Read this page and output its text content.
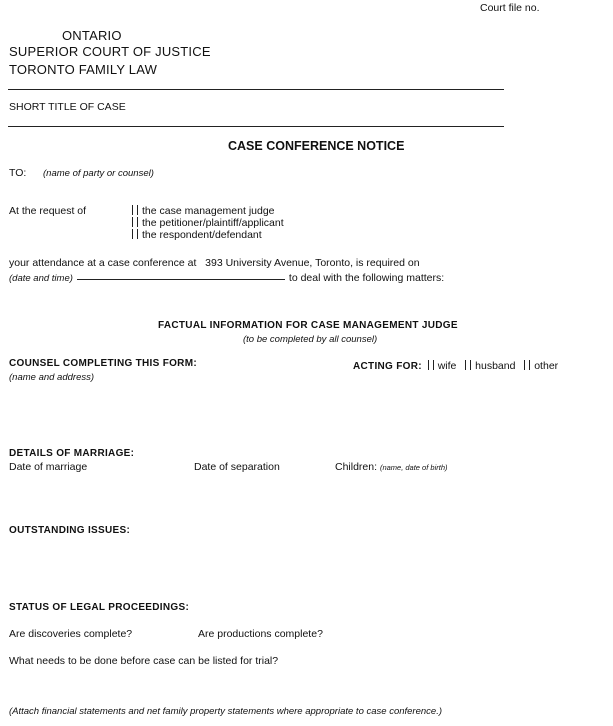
Court file no.
ONTARIO
SUPERIOR COURT OF JUSTICE
TORONTO FAMILY LAW
SHORT TITLE OF CASE
CASE CONFERENCE NOTICE
TO: (name of party or counsel)
At the request of	the case management judge
the petitioner/plaintiff/applicant
the respondent/defendant
your attendance at a case conference at 393 University Avenue, Toronto, is required on
(date and time)	to deal with the following matters:
FACTUAL INFORMATION FOR CASE MANAGEMENT JUDGE
(to be completed by all counsel)
COUNSEL COMPLETING THIS FORM:
(name and address)
ACTING FOR: wife husband other
DETAILS OF MARRIAGE:
Date of marriage	Date of separation	Children: (name, date of birth)
OUTSTANDING ISSUES:
STATUS OF LEGAL PROCEEDINGS:
Are discoveries complete?	Are productions complete?
What needs to be done before case can be listed for trial?
(Attach financial statements and net family property statements where appropriate to case conference.)
